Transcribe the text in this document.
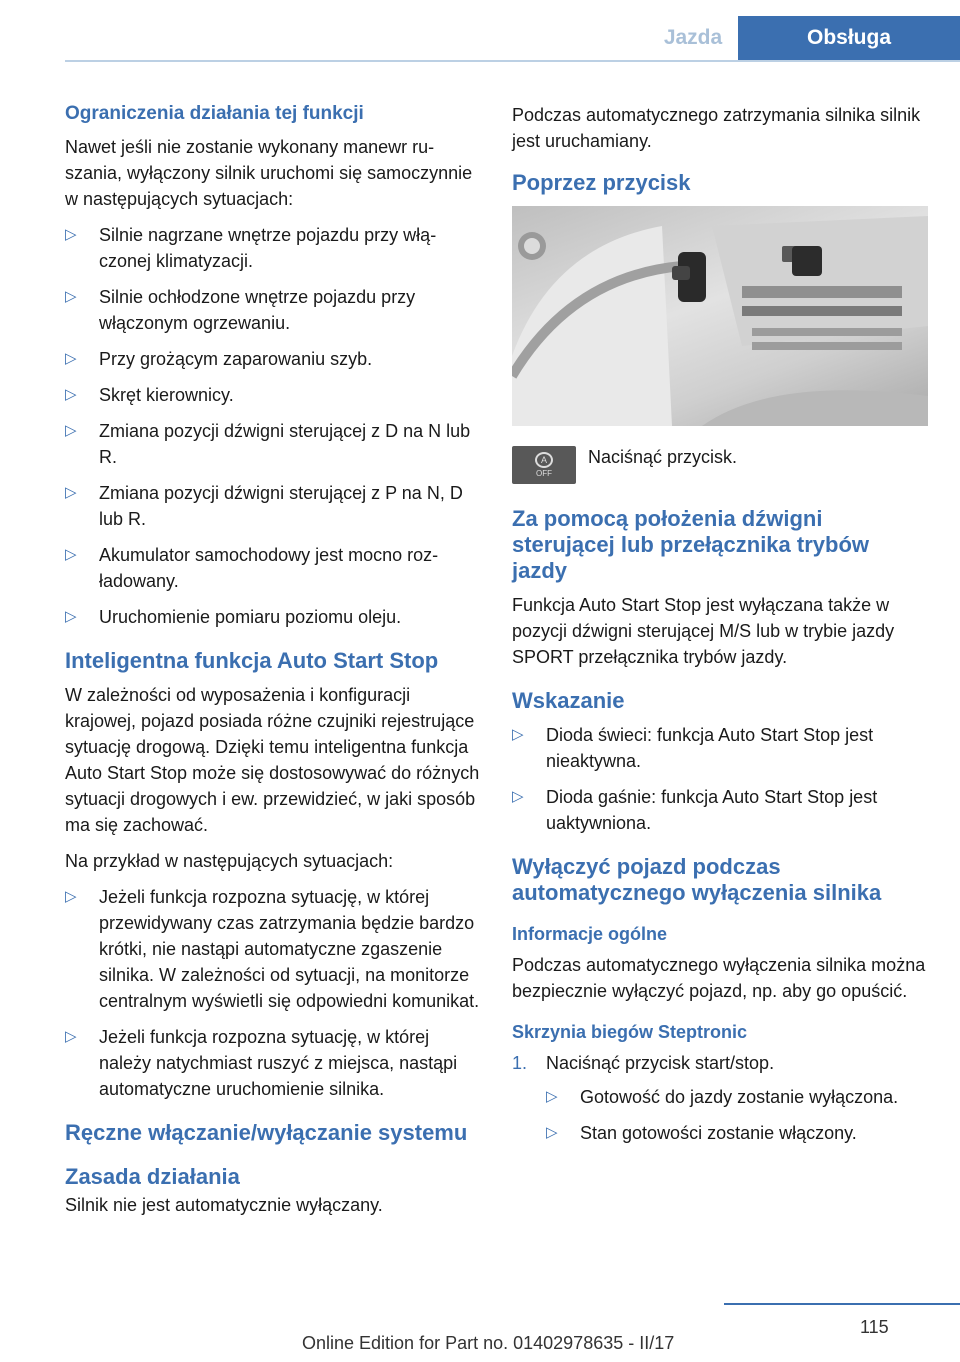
Jazda	Obsługa
Ograniczenia działania tej funkcji

Nawet jeśli nie zostanie wykonany manewr ruszania, wyłączony silnik uruchomi się samoczynnie w następujących sytuacjach:

▷	Silnie nagrzane wnętrze pojazdu przy włączonej klimatyzacji.
▷	Silnie ochłodzone wnętrze pojazdu przy włączonym ogrzewaniu.
▷	Przy grożącym zaparowaniu szyb.
▷	Skręt kierownicy.
▷	Zmiana pozycji dźwigni sterującej z D na N lub R.
▷	Zmiana pozycji dźwigni sterującej z P na N, D lub R.
▷	Akumulator samochodowy jest mocno rozładowany.
▷	Uruchomienie pomiaru poziomu oleju.
Inteligentna funkcja Auto Start Stop

W zależności od wyposażenia i konfiguracji krajowej, pojazd posiada różne czujniki rejestrujące sytuację drogową. Dzięki temu inteligentna funkcja Auto Start Stop może się dostosowywać do różnych sytuacji drogowych i ew. przewidzieć, w jaki sposób ma się zachować.

Na przykład w następujących sytuacjach:

▷	Jeżeli funkcja rozpozna sytuację, w której przewidywany czas zatrzymania będzie bardzo krótki, nie nastąpi automatyczne zgaszenie silnika. W zależności od sytuacji, na monitorze centralnym wyświetli się odpowiedni komunikat.
▷	Jeżeli funkcja rozpozna sytuację, w której należy natychmiast ruszyć z miejsca, nastąpi automatyczne uruchomienie silnika.
Ręczne włączanie/wyłączanie systemu
Zasada działania

Silnik nie jest automatycznie wyłączany.

Podczas automatycznego zatrzymania silnika silnik jest uruchamiany.

Poprzez przycisk
A
OFF

Naciśnąć przycisk.

Za pomocą położenia dźwigni sterującej lub przełącznika trybów jazdy

Funkcja Auto Start Stop jest wyłączana także w pozycji dźwigni sterującej M/S lub w trybie jazdy SPORT przełącznika trybów jazdy.

Wskazanie
▷	Dioda świeci: funkcja Auto Start Stop jest nieaktywna.
▷	Dioda gaśnie: funkcja Auto Start Stop jest uaktywniona.
Wyłączyć pojazd podczas automatycznego wyłączenia silnika
Informacje ogólne

Podczas automatycznego wyłączenia silnika można bezpiecznie wyłączyć pojazd, np. aby go opuścić.

Skrzynia biegów Steptronic
1.	Naciśnąć przycisk start/stop.
▷	Gotowość do jazdy zostanie wyłączona.
▷	Stan gotowości zostanie włączony.
115
Online Edition for Part no. 01402978635 - II/17
